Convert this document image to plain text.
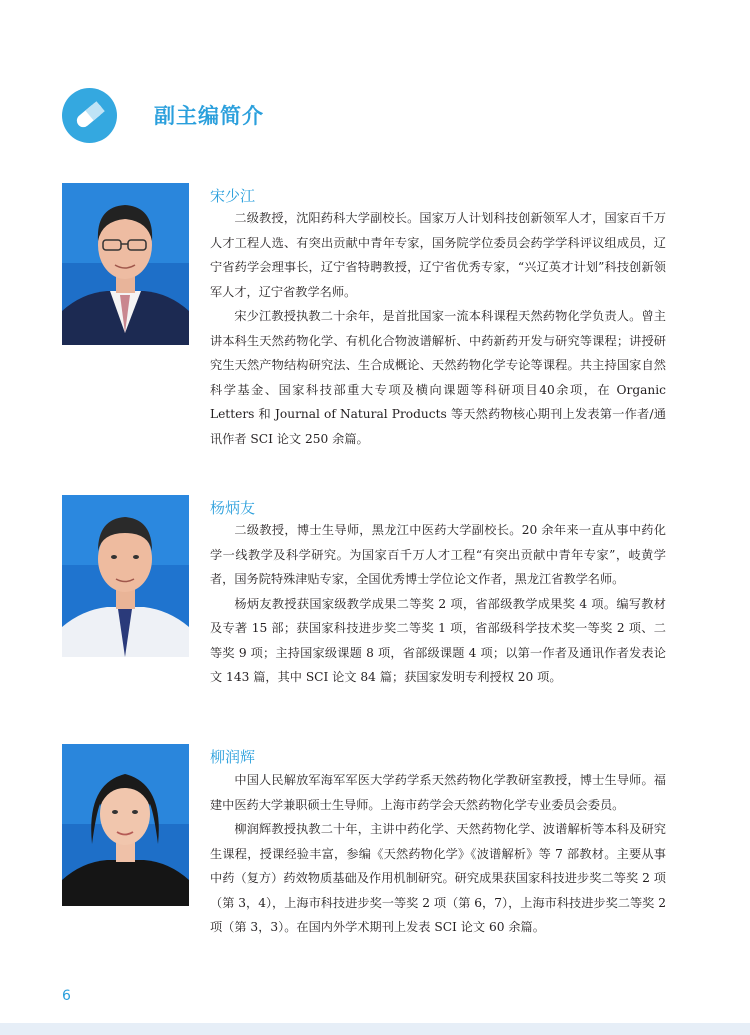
副主编简介
宋少江

二级教授，沈阳药科大学副校长。国家万人计划科技创新领军人才，国家百千万人才工程人选、有突出贡献中青年专家，国务院学位委员会药学学科评议组成员，辽宁省药学会理事长，辽宁省特聘教授，辽宁省优秀专家，“兴辽英才计划”科技创新领军人才，辽宁省教学名师。

宋少江教授执教二十余年，是首批国家一流本科课程天然药物化学负责人。曾主讲本科生天然药物化学、有机化合物波谱解析、中药新药开发与研究等课程；讲授研究生天然产物结构研究法、生合成概论、天然药物化学专论等课程。共主持国家自然科学基金、国家科技部重大专项及横向课题等科研项目40余项，在 Organic Letters 和 Journal of Natural Products 等天然药物核心期刊上发表第一作者/通讯作者 SCI 论文 250 余篇。

杨炳友

二级教授，博士生导师，黑龙江中医药大学副校长。20 余年来一直从事中药化学一线教学及科学研究。为国家百千万人才工程“有突出贡献中青年专家”，岐黄学者，国务院特殊津贴专家，全国优秀博士学位论文作者，黑龙江省教学名师。

杨炳友教授获国家级教学成果二等奖 2 项，省部级教学成果奖 4 项。编写教材及专著 15 部；获国家科技进步奖二等奖 1 项，省部级科学技术奖一等奖 2 项、二等奖 9 项；主持国家级课题 8 项，省部级课题 4 项；以第一作者及通讯作者发表论文 143 篇，其中 SCI 论文 84 篇；获国家发明专利授权 20 项。

柳润辉

中国人民解放军海军军医大学药学系天然药物化学教研室教授，博士生导师。福建中医药大学兼职硕士生导师。上海市药学会天然药物化学专业委员会委员。

柳润辉教授执教二十年，主讲中药化学、天然药物化学、波谱解析等本科及研究生课程，授课经验丰富，参编《天然药物化学》《波谱解析》等 7 部教材。主要从事中药（复方）药效物质基础及作用机制研究。研究成果获国家科技进步奖二等奖 2 项（第 3，4），上海市科技进步奖一等奖 2 项（第 6，7），上海市科技进步奖二等奖 2 项（第 3，3）。在国内外学术期刊上发表 SCI 论文 60 余篇。

6
